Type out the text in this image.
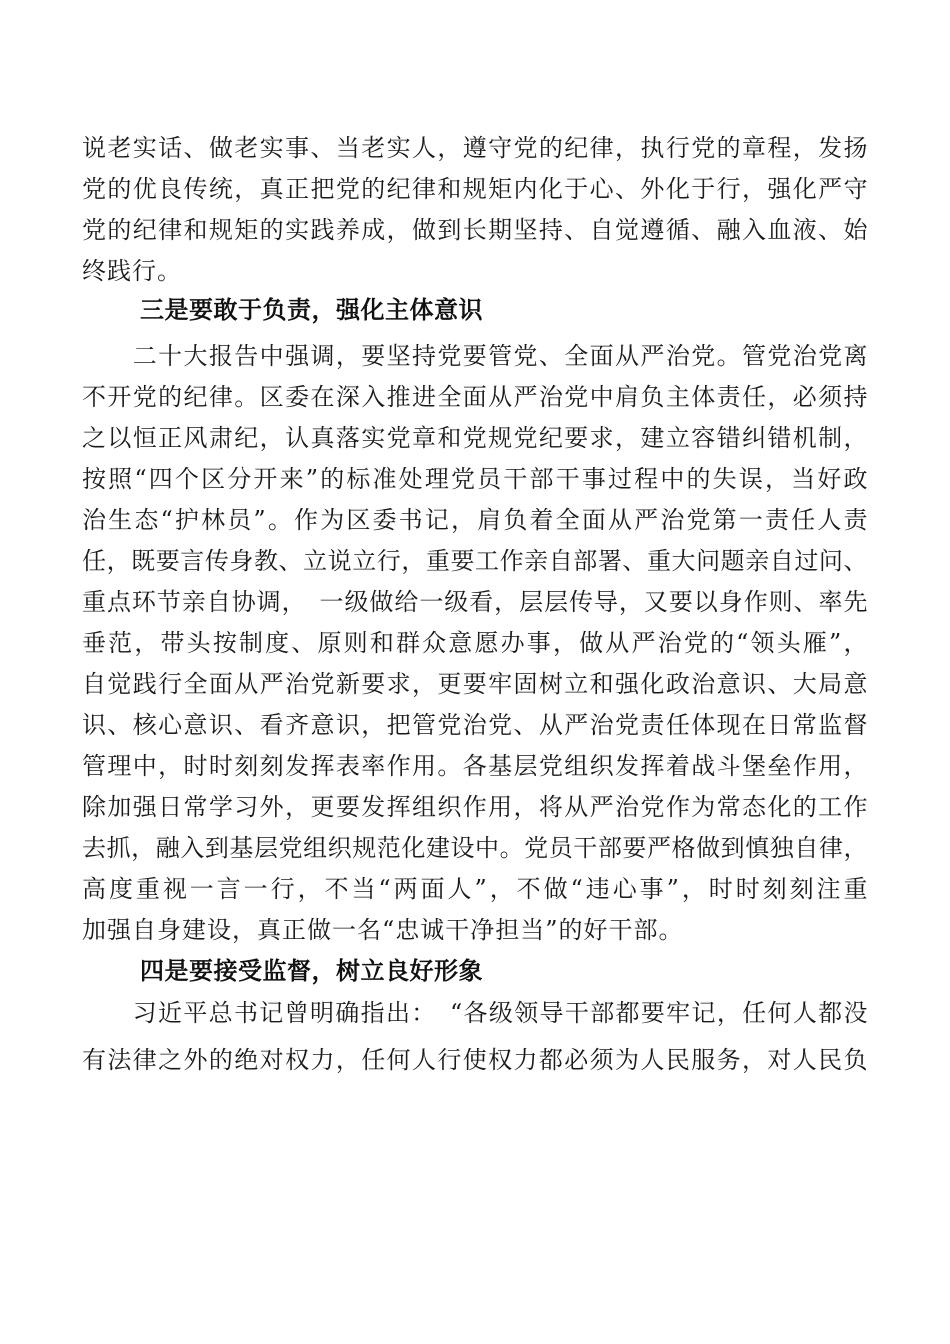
说老实话、做老实事、当老实人，遵守党的纪律，执行党的章程，发扬
党的优良传统，真正把党的纪律和规矩内化于心、外化于行，强化严守
党的纪律和规矩的实践养成，做到长期坚持、自觉遵循、融入血液、始
终践行。
三是要敢于负责，强化主体意识
　　二十大报告中强调，要坚持党要管党、全面从严治党。管党治党离
不开党的纪律。区委在深入推进全面从严治党中肩负主体责任，必须持
之以恒正风肃纪，认真落实党章和党规党纪要求，建立容错纠错机制，
按照“四个区分开来”的标准处理党员干部干事过程中的失误，当好政
治生态“护林员”。作为区委书记，肩负着全面从严治党第一责任人责
任，既要言传身教、立说立行，重要工作亲自部署、重大问题亲自过问、
重点环节亲自协调，　一级做给一级看，层层传导，又要以身作则、率先
垂范，带头按制度、原则和群众意愿办事，做从严治党的“领头雁”，
自觉践行全面从严治党新要求，更要牢固树立和强化政治意识、大局意
识、核心意识、看齐意识，把管党治党、从严治党责任体现在日常监督
管理中，时时刻刻发挥表率作用。各基层党组织发挥着战斗堡垒作用，
除加强日常学习外，更要发挥组织作用，将从严治党作为常态化的工作
去抓，融入到基层党组织规范化建设中。党员干部要严格做到慎独自律，
高度重视一言一行，不当“两面人”，不做“违心事”，时时刻刻注重
加强自身建设，真正做一名“忠诚干净担当”的好干部。
四是要接受监督，树立良好形象
　　习近平总书记曾明确指出：　“各级领导干部都要牢记，任何人都没
有法律之外的绝对权力，任何人行使权力都必须为人民服务，对人民负
